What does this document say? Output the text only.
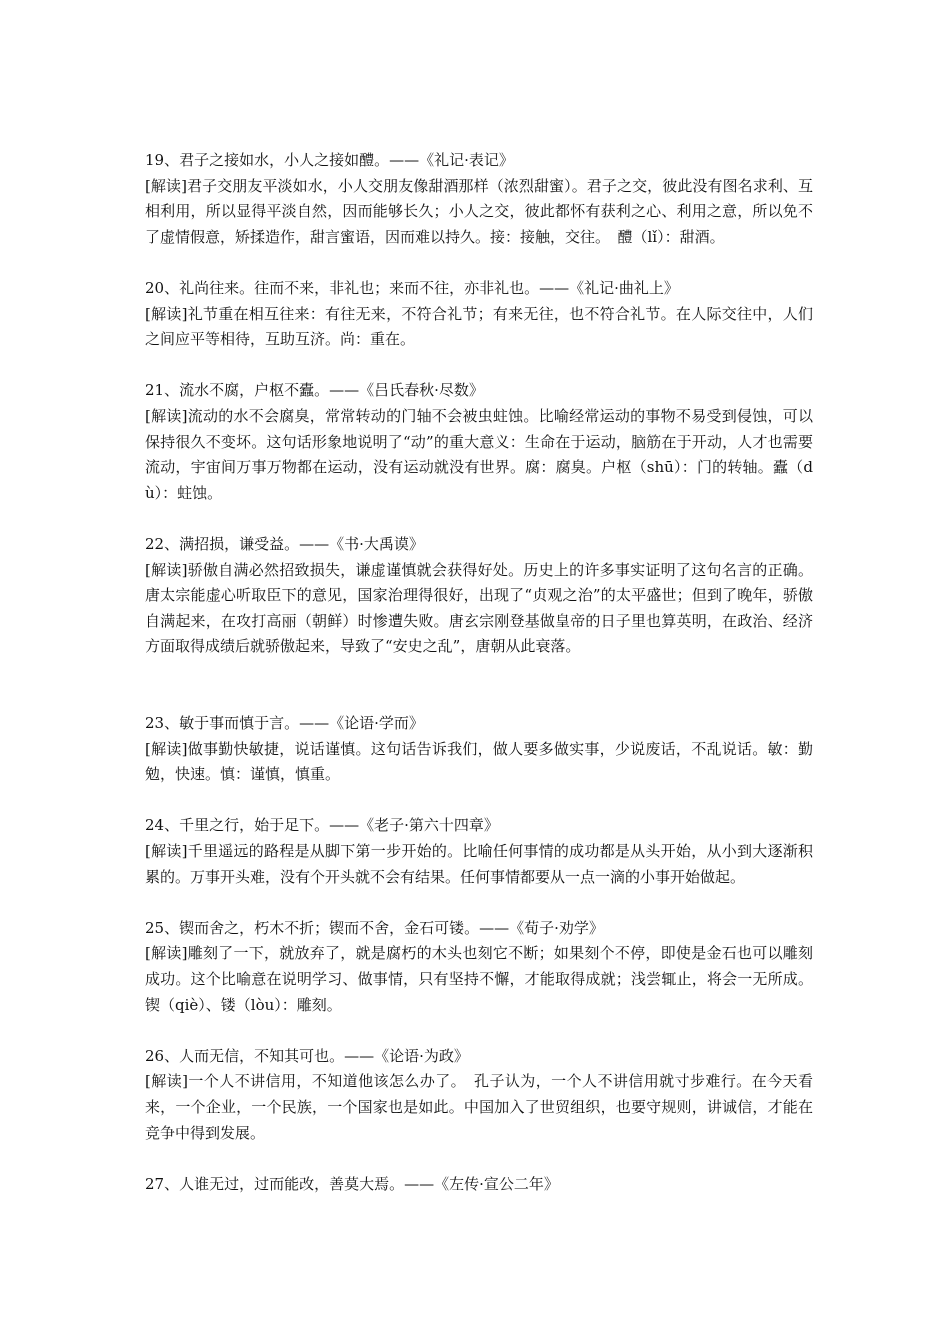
19、君子之接如水，小人之接如醴。——《礼记·表记》

[解读]君子交朋友平淡如水，小人交朋友像甜酒那样（浓烈甜蜜）。君子之交，彼此没有图名求利、互相利用，所以显得平淡自然，因而能够长久；小人之交，彼此都怀有获利之心、利用之意，所以免不了虚情假意，矫揉造作，甜言蜜语，因而难以持久。接：接触，交往。　醴（lǐ）：甜酒。

20、礼尚往来。往而不来，非礼也；来而不往，亦非礼也。——《礼记·曲礼上》

[解读]礼节重在相互往来：有往无来，不符合礼节；有来无往，也不符合礼节。在人际交往中，人们之间应平等相待，互助互济。尚：重在。

21、流水不腐，户枢不蠹。——《吕氏春秋·尽数》

[解读]流动的水不会腐臭，常常转动的门轴不会被虫蛀蚀。比喻经常运动的事物不易受到侵蚀，可以保持很久不变坏。这句话形象地说明了“动”的重大意义：生命在于运动，脑筋在于开动，人才也需要流动，宇宙间万事万物都在运动，没有运动就没有世界。腐：腐臭。户枢（shū）：门的转轴。蠹（dù）：蛀蚀。

22、满招损，谦受益。——《书·大禹谟》

[解读]骄傲自满必然招致损失，谦虚谨慎就会获得好处。历史上的许多事实证明了这句名言的正确。唐太宗能虚心听取臣下的意见，国家治理得很好，出现了“贞观之治”的太平盛世；但到了晚年，骄傲自满起来，在攻打高丽（朝鲜）时惨遭失败。唐玄宗刚登基做皇帝的日子里也算英明，在政治、经济方面取得成绩后就骄傲起来，导致了“安史之乱”，唐朝从此衰落。

23、敏于事而慎于言。——《论语·学而》

[解读]做事勤快敏捷，说话谨慎。这句话告诉我们，做人要多做实事，少说废话，不乱说话。敏：勤勉，快速。慎：谨慎，慎重。

24、千里之行，始于足下。——《老子·第六十四章》

[解读]千里遥远的路程是从脚下第一步开始的。比喻任何事情的成功都是从头开始，从小到大逐渐积累的。万事开头难，没有个开头就不会有结果。任何事情都要从一点一滴的小事开始做起。

25、锲而舍之，朽木不折；锲而不舍，金石可镂。——《荀子·劝学》

[解读]雕刻了一下，就放弃了，就是腐朽的木头也刻它不断；如果刻个不停，即使是金石也可以雕刻成功。这个比喻意在说明学习、做事情，只有坚持不懈，才能取得成就；浅尝辄止，将会一无所成。锲（qiè）、镂（lòu）：雕刻。

26、人而无信，不知其可也。——《论语·为政》

[解读]一个人不讲信用，不知道他该怎么办了。　孔子认为，一个人不讲信用就寸步难行。在今天看来，一个企业，一个民族，一个国家也是如此。中国加入了世贸组织，也要守规则，讲诚信，才能在竞争中得到发展。

27、人谁无过，过而能改，善莫大焉。——《左传·宣公二年》
